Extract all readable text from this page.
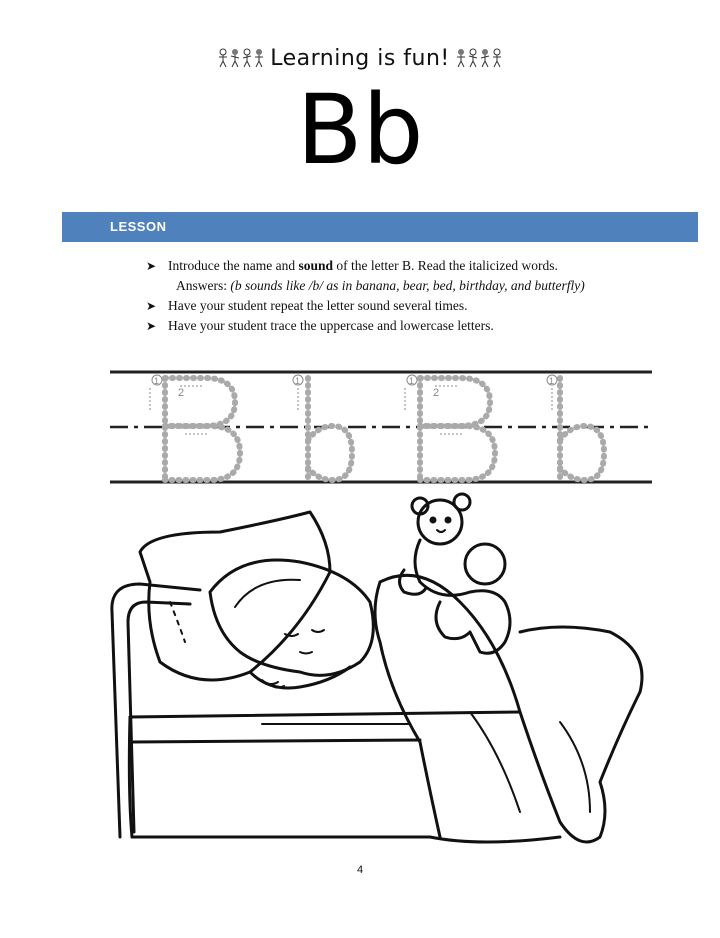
Learning is fun!
Bb
LESSON
➤ Introduce the name and sound of the letter B. Read the italicized words.
Answers: (b sounds like /b/ as in banana, bear, bed, birthday, and butterfly)
➤ Have your student repeat the letter sound several times.
➤ Have your student trace the uppercase and lowercase letters.
1
2
1	1
2
1
4
